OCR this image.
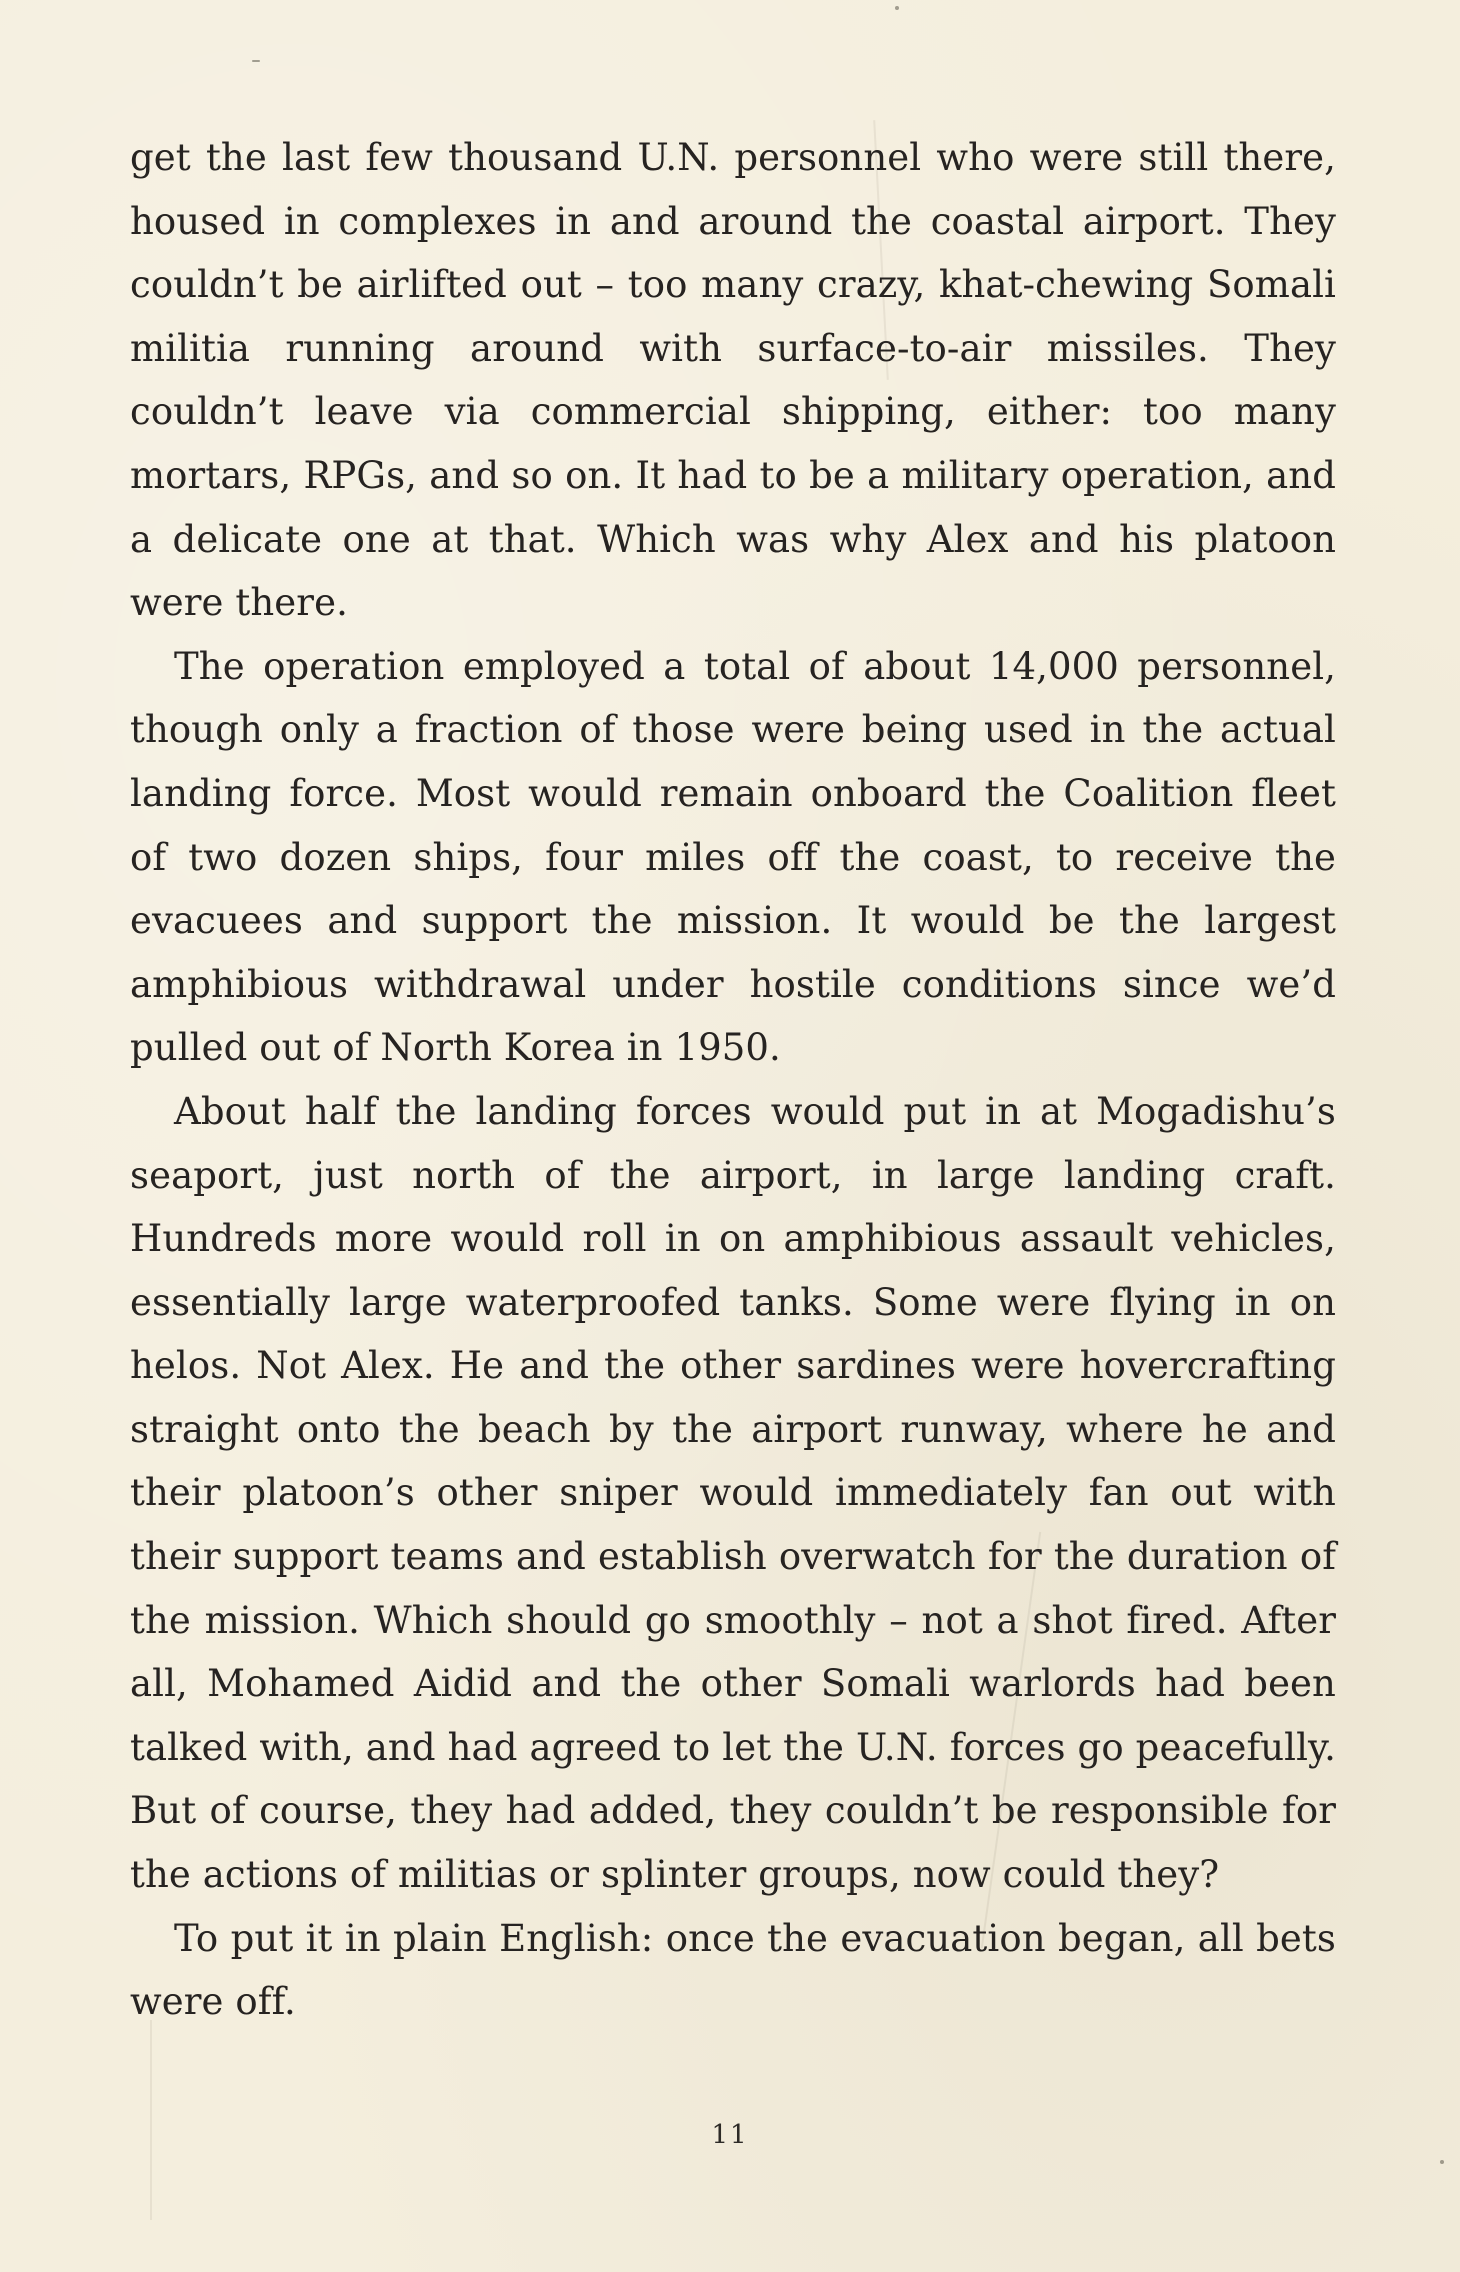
get the last few thousand U.N. personnel who were still there, housed in complexes in and around the coastal airport. They couldn’t be airlifted out – too many crazy, khat-chewing Somali militia running around with surface-to-air missiles. They couldn’t leave via commercial shipping, either: too many mortars, RPGs, and so on. It had to be a military operation, and a delicate one at that. Which was why Alex and his platoon were there.

The operation employed a total of about 14,000 personnel, though only a fraction of those were being used in the actual landing force. Most would remain onboard the Coalition fleet of two dozen ships, four miles off the coast, to receive the evacuees and support the mission. It would be the largest amphibious withdrawal under hostile conditions since we’d pulled out of North Korea in 1950.

About half the landing forces would put in at Mogadishu’s seaport, just north of the airport, in large landing craft. Hundreds more would roll in on amphibious assault vehicles, essentially large waterproofed tanks. Some were flying in on helos. Not Alex. He and the other sardines were hovercrafting straight onto the beach by the airport runway, where he and their platoon’s other sniper would immediately fan out with their support teams and establish overwatch for the duration of the mission. Which should go smoothly – not a shot fired. After all, Mohamed Aidid and the other Somali warlords had been talked with, and had agreed to let the U.N. forces go peacefully. But of course, they had added, they couldn’t be responsible for the actions of militias or splinter groups, now could they?

To put it in plain English: once the evacuation began, all bets were off.

11
